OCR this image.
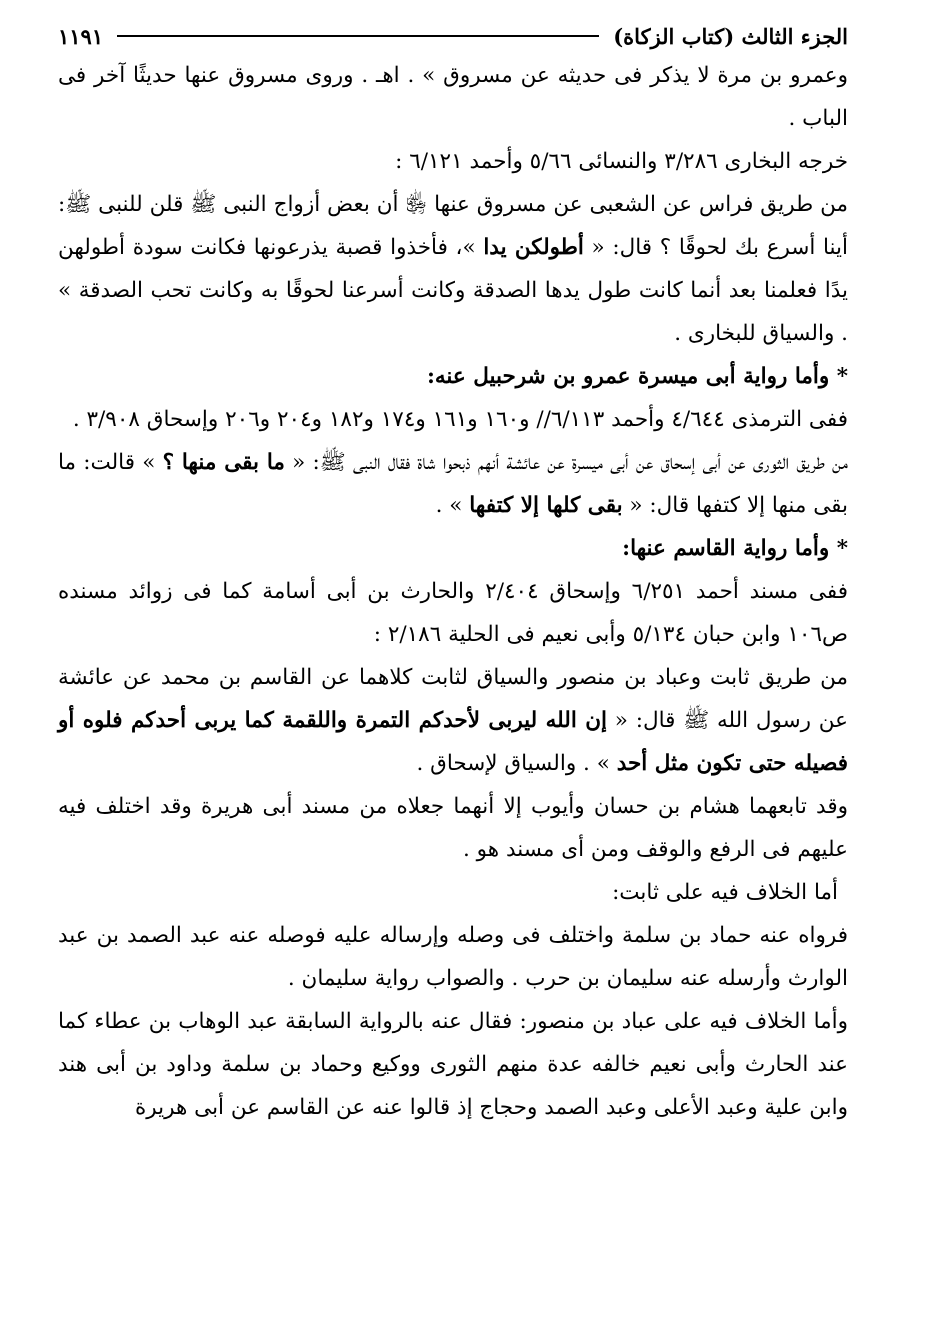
الجزء الثالث (كتاب الزكاة)
١١٩١

وعمرو بن مرة لا يذكر فى حديثه عن مسروق » . اهـ . وروى مسروق عنها حديثًا آخر فى الباب .

خرجه البخارى ٣/٢٨٦ والنسائى ٥/٦٦ وأحمد ٦/١٢١ :

من طريق فراس عن الشعبى عن مسروق عنها ﵂ أن بعض أزواج النبى ﷺ قلن للنبى ﷺ: أينا أسرع بك لحوقًا ؟ قال: « أطولكن يدا »، فأخذوا قصبة يذرعونها فكانت سودة أطولهن يدًا فعلمنا بعد أنما كانت طول يدها الصدقة وكانت أسرعنا لحوقًا به وكانت تحب الصدقة » . والسياق للبخارى .

* وأما رواية أبى ميسرة عمرو بن شرحبيل عنه:

ففى الترمذى ٤/٦٤٤ وأحمد ٦/١١٣// و١٦٠ و١٦١ و١٧٤ و١٨٢ و٢٠٤ و٢٠٦ وإسحاق ٣/٩٠٨ .

من طريق الثورى عن أبى إسحاق عن أبى ميسرة عن عائشة أنهم ذبحوا شاة فقال النبى ﷺ: « ما بقى منها ؟ » قالت: ما بقى منها إلا كتفها قال: « بقى كلها إلا كتفها » .

* وأما رواية القاسم عنها:

ففى مسند أحمد ٦/٢٥١ وإسحاق ٢/٤٠٤ والحارث بن أبى أسامة كما فى زوائد مسنده ص١٠٦ وابن حبان ٥/١٣٤ وأبى نعيم فى الحلية ٢/١٨٦ :

من طريق ثابت وعباد بن منصور والسياق لثابت كلاهما عن القاسم بن محمد عن عائشة عن رسول الله ﷺ قال: « إن الله ليربى لأحدكم التمرة واللقمة كما يربى أحدكم فلوه أو فصيله حتى تكون مثل أحد » . والسياق لإسحاق .

وقد تابعهما هشام بن حسان وأيوب إلا أنهما جعلاه من مسند أبى هريرة وقد اختلف فيه عليهم فى الرفع والوقف ومن أى مسند هو .

أما الخلاف فيه على ثابت:

فرواه عنه حماد بن سلمة واختلف فى وصله وإرساله عليه فوصله عنه عبد الصمد بن عبد الوارث وأرسله عنه سليمان بن حرب . والصواب رواية سليمان .

وأما الخلاف فيه على عباد بن منصور: فقال عنه بالرواية السابقة عبد الوهاب بن عطاء كما عند الحارث وأبى نعيم خالفه عدة منهم الثورى ووكيع وحماد بن سلمة وداود بن أبى هند وابن علية وعبد الأعلى وعبد الصمد وحجاج إذ قالوا عنه عن القاسم عن أبى هريرة
